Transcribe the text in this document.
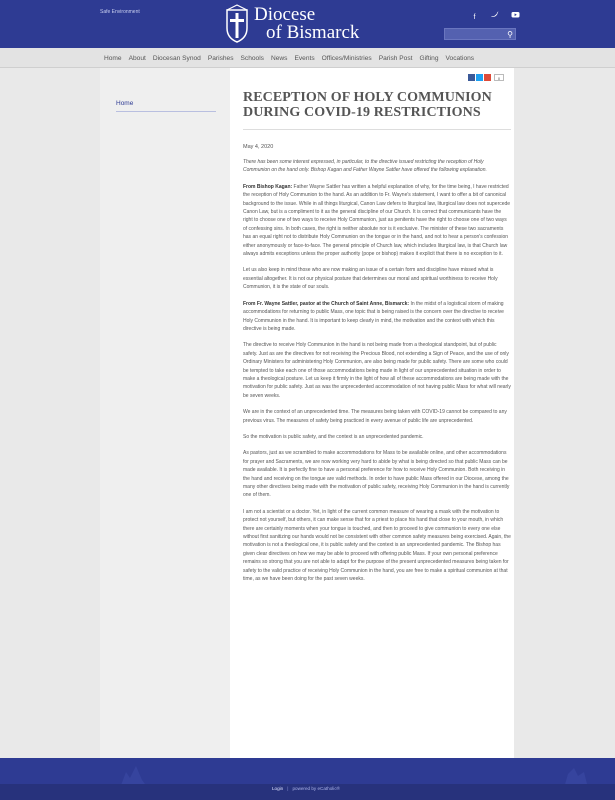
Safe Environment	Diocese
of Bismarck
f
⚲
Home About Diocesan Synod Parishes Schools News Events Offices/Ministries Parish Post Gifting Vocations
Home
0
RECEPTION OF HOLY COMMUNION DURING COVID-19 RESTRICTIONS
May 4, 2020

There has been some interest expressed, in particular, to the directive issued restricting the reception of Holy Communion on the hand only. Bishop Kagan and Father Wayne Sattler have offered the following explanation.

From Bishop Kagan: Father Wayne Sattler has written a helpful explanation of why, for the time being, I have restricted the reception of Holy Communion to the hand. As an addition to Fr. Wayne's statement, I want to offer a bit of canonical background to the issue. While in all things liturgical, Canon Law defers to liturgical law, liturgical law does not supercede Canon Law, but is a compliment to it as the general discipline of our Church. It is correct that communicants have the right to choose one of two ways to receive Holy Communion, just as penitents have the right to choose one of two ways of confessing sins. In both cases, the right is neither absolute nor is it exclusive. The minister of these two sacraments has an equal right not to distribute Holy Communion on the tongue or in the hand, and not to hear a person's confession either anonymously or face-to-face. The general principle of Church law, which includes liturgical law, is that Church law always admits exceptions unless the proper authority (pope or bishop) makes it explicit that there is no exception to it.

Let us also keep in mind those who are now making an issue of a certain form and discipline have missed what is essential altogether. It is not our physical posture that determines our moral and spiritual worthiness to receive Holy Communion, it is the state of our souls.

From Fr. Wayne Sattler, pastor at the Church of Saint Anne, Bismarck: In the midst of a logistical storm of making accommodations for returning to public Mass, one topic that is being raised is the concern over the directive to receive Holy Communion in the hand. It is important to keep clearly in mind, the motivation and the context with which this directive is being made.

The directive to receive Holy Communion in the hand is not being made from a theological standpoint, but of public safety. Just as are the directives for not receiving the Precious Blood, not extending a Sign of Peace, and the use of only Ordinary Ministers for administering Holy Communion, are also being made for public safety. There are some who could be tempted to take each one of those accommodations being made in light of our unprecedented situation in order to make a theological posture. Let us keep it firmly in the light of how all of these accommodations are being made with the motivation for public safety. Just as was the unprecedented accommodation of not having public Mass for what will nearly be seven weeks.

We are in the context of an unprecedented time. The measures being taken with COVID-19 cannot be compared to any previous virus. The measures of safety being practiced in every avenue of public life are unprecedented.

So the motivation is public safety, and the context is an unprecedented pandemic.

As pastors, just as we scrambled to make accommodations for Mass to be available online, and other accommodations for prayer and Sacraments, we are now working very hard to abide by what is being directed so that public Mass can be made available. It is perfectly fine to have a personal preference for how to receive Holy Communion. Both receiving in the hand and receiving on the tongue are valid methods. In order to have public Mass offered in our Diocese, among the many other directives being made with the motivation of public safety, receiving Holy Communion in the hand is currently one of them.

I am not a scientist or a doctor. Yet, in light of the current common measure of wearing a mask with the motivation to protect not yourself, but others, it can make sense that for a priest to place his hand that close to your mouth, in which there are certainly moments when your tongue is touched, and then to proceed to give communion to every one else without first sanitizing our hands would not be consistent with other common safety measures being exercised. Again, the motivation is not a theological one, it is public safety and the context is an unprecedented pandemic. The Bishop has given clear directives on how we may be able to proceed with offering public Mass. If your own personal preference remains so strong that you are not able to adapt for the purpose of the present unprecedented measures being taken for safety to the valid practice of receiving Holy Communion in the hand, you are free to make a spiritual communion at that time, as we have been doing for the past seven weeks.

Login | powered by eCatholic®
